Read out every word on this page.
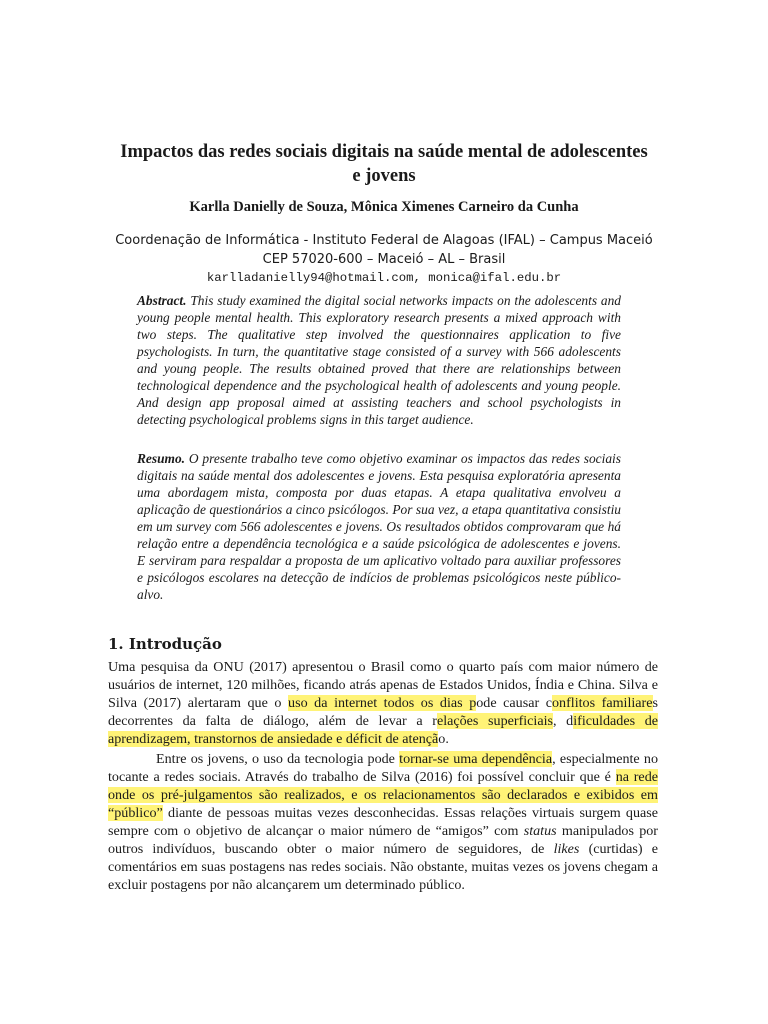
Impactos das redes sociais digitais na saúde mental de adolescentes e jovens
Karlla Danielly de Souza, Mônica Ximenes Carneiro da Cunha
Coordenação de Informática - Instituto Federal de Alagoas (IFAL) – Campus Maceió
CEP 57020-600 – Maceió – AL – Brasil
karlladanielly94@hotmail.com, monica@ifal.edu.br
Abstract. This study examined the digital social networks impacts on the adolescents and young people mental health. This exploratory research presents a mixed approach with two steps. The qualitative step involved the questionnaires application to five psychologists. In turn, the quantitative stage consisted of a survey with 566 adolescents and young people. The results obtained proved that there are relationships between technological dependence and the psychological health of adolescents and young people. And design app proposal aimed at assisting teachers and school psychologists in detecting psychological problems signs in this target audience.
Resumo. O presente trabalho teve como objetivo examinar os impactos das redes sociais digitais na saúde mental dos adolescentes e jovens. Esta pesquisa exploratória apresenta uma abordagem mista, composta por duas etapas. A etapa qualitativa envolveu a aplicação de questionários a cinco psicólogos. Por sua vez, a etapa quantitativa consistiu em um survey com 566 adolescentes e jovens. Os resultados obtidos comprovaram que há relação entre a dependência tecnológica e a saúde psicológica de adolescentes e jovens. E serviram para respaldar a proposta de um aplicativo voltado para auxiliar professores e psicólogos escolares na detecção de indícios de problemas psicológicos neste público-alvo.
1. Introdução
Uma pesquisa da ONU (2017) apresentou o Brasil como o quarto país com maior número de usuários de internet, 120 milhões, ficando atrás apenas de Estados Unidos, Índia e China. Silva e Silva (2017) alertaram que o uso da internet todos os dias pode causar conflitos familiares decorrentes da falta de diálogo, além de levar a relações superficiais, dificuldades de aprendizagem, transtornos de ansiedade e déficit de atenção.
Entre os jovens, o uso da tecnologia pode tornar-se uma dependência, especialmente no tocante a redes sociais. Através do trabalho de Silva (2016) foi possível concluir que é na rede onde os pré-julgamentos são realizados, e os relacionamentos são declarados e exibidos em “público” diante de pessoas muitas vezes desconhecidas. Essas relações virtuais surgem quase sempre com o objetivo de alcançar o maior número de “amigos” com status manipulados por outros indivíduos, buscando obter o maior número de seguidores, de likes (curtidas) e comentários em suas postagens nas redes sociais. Não obstante, muitas vezes os jovens chegam a excluir postagens por não alcançarem um determinado público.
